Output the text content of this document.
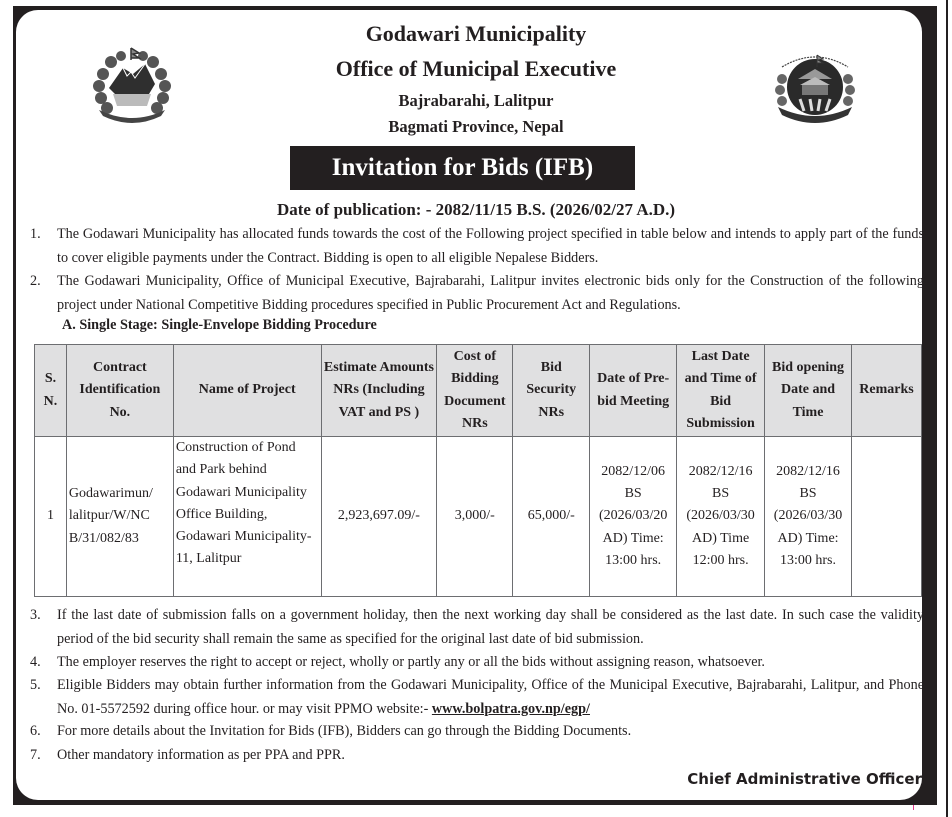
Godawari Municipality
Office of Municipal Executive
Bajrabarahi, Lalitpur
Bagmati Province, Nepal
Invitation for Bids (IFB)
Date of publication: - 2082/11/15 B.S. (2026/02/27 A.D.)
1. The Godawari Municipality has allocated funds towards the cost of the Following project specified in table below and intends to apply part of the funds to cover eligible payments under the Contract. Bidding is open to all eligible Nepalese Bidders.
2. The Godawari Municipality, Office of Municipal Executive, Bajrabarahi, Lalitpur invites electronic bids only for the Construction of the following project under National Competitive Bidding procedures specified in Public Procurement Act and Regulations.
A. Single Stage: Single-Envelope Bidding Procedure
S. N.	Contract Identification No.	Name of Project	Estimate Amounts NRs (Including VAT and PS )	Cost of Bidding Document NRs	Bid Security NRs	Date of Pre-bid Meeting	Last Date and Time of Bid Submission	Bid opening Date and Time	Remarks
1	Godawarimun/ lalitpur/W/NC B/31/082/83	Construction of Pond and Park behind Godawari Municipality Office Building, Godawari Municipality-11, Lalitpur	2,923,697.09/-	3,000/-	65,000/-	2082/12/06 BS (2026/03/20 AD) Time: 13:00 hrs.	2082/12/16 BS (2026/03/30 AD) Time 12:00 hrs.	2082/12/16 BS (2026/03/30 AD) Time: 13:00 hrs.	
3. If the last date of submission falls on a government holiday, then the next working day shall be considered as the last date. In such case the validity period of the bid security shall remain the same as specified for the original last date of bid submission.
4. The employer reserves the right to accept or reject, wholly or partly any or all the bids without assigning reason, whatsoever.
5. Eligible Bidders may obtain further information from the Godawari Municipality, Office of the Municipal Executive, Bajrabarahi, Lalitpur, and Phone No. 01-5572592 during office hour. or may visit PPMO website:- www.bolpatra.gov.np/egp/
6. For more details about the Invitation for Bids (IFB), Bidders can go through the Bidding Documents.
7. Other mandatory information as per PPA and PPR.
Chief Administrative Officer
